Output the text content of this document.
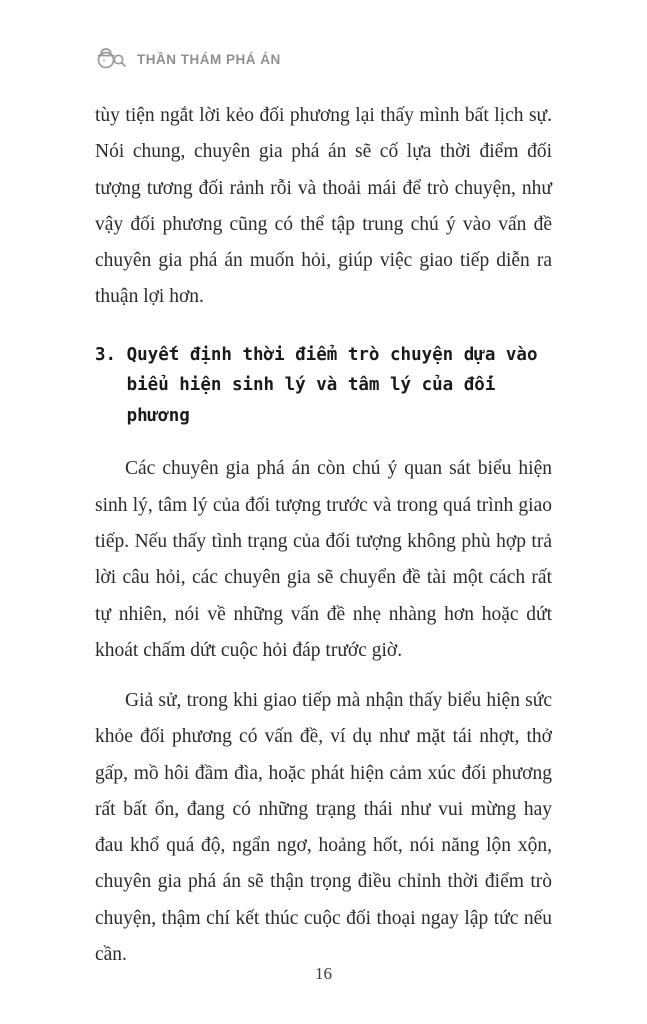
THẦN THÁM PHÁ ÁN

tùy tiện ngắt lời kẻo đối phương lại thấy mình bất lịch sự. Nói chung, chuyên gia phá án sẽ cố lựa thời điểm đối tượng tương đối rảnh rỗi và thoải mái để trò chuyện, như vậy đối phương cũng có thể tập trung chú ý vào vấn đề chuyên gia phá án muốn hỏi, giúp việc giao tiếp diễn ra thuận lợi hơn.

3. Quyết định thời điểm trò chuyện dựa vào biểu hiện sinh lý và tâm lý của đối phương

Các chuyên gia phá án còn chú ý quan sát biểu hiện sinh lý, tâm lý của đối tượng trước và trong quá trình giao tiếp. Nếu thấy tình trạng của đối tượng không phù hợp trả lời câu hỏi, các chuyên gia sẽ chuyển đề tài một cách rất tự nhiên, nói về những vấn đề nhẹ nhàng hơn hoặc dứt khoát chấm dứt cuộc hỏi đáp trước giờ.

Giả sử, trong khi giao tiếp mà nhận thấy biểu hiện sức khỏe đối phương có vấn đề, ví dụ như mặt tái nhợt, thở gấp, mồ hôi đầm đìa, hoặc phát hiện cảm xúc đối phương rất bất ổn, đang có những trạng thái như vui mừng hay đau khổ quá độ, ngẩn ngơ, hoảng hốt, nói năng lộn xộn, chuyên gia phá án sẽ thận trọng điều chỉnh thời điểm trò chuyện, thậm chí kết thúc cuộc đối thoại ngay lập tức nếu cần.

16
